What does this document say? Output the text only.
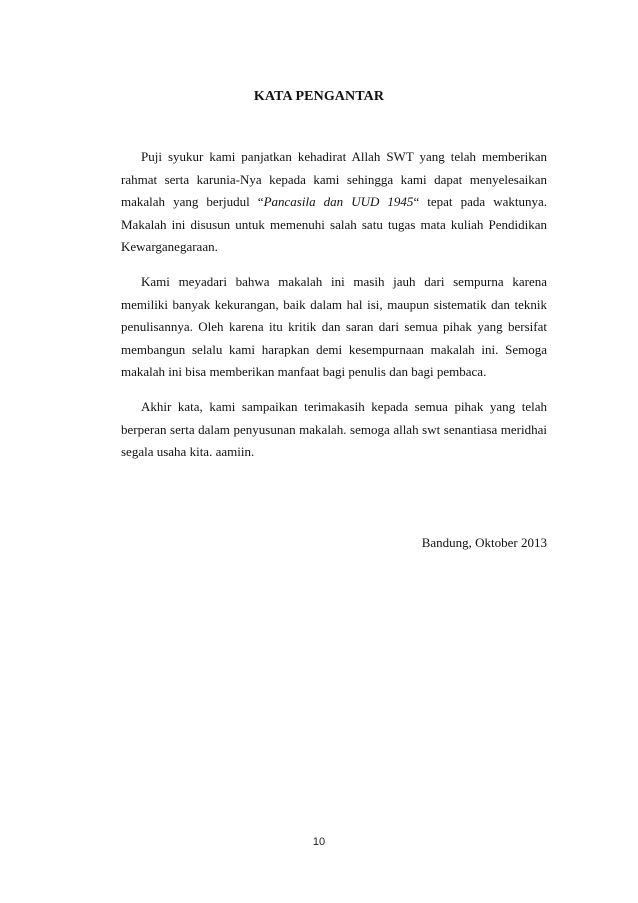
KATA PENGANTAR

Puji syukur kami panjatkan kehadirat Allah SWT yang telah memberikan rahmat serta karunia-Nya kepada kami sehingga kami dapat menyelesaikan makalah yang berjudul “Pancasila dan UUD 1945“ tepat pada waktunya. Makalah ini disusun untuk memenuhi salah satu tugas mata kuliah Pendidikan Kewarganegaraan.

Kami meyadari bahwa makalah ini masih jauh dari sempurna karena memiliki banyak kekurangan, baik dalam hal isi, maupun sistematik dan teknik penulisannya. Oleh karena itu kritik dan saran dari semua pihak yang bersifat membangun selalu kami harapkan demi kesempurnaan makalah ini. Semoga makalah ini bisa memberikan manfaat bagi penulis dan bagi pembaca.

Akhir kata, kami sampaikan terimakasih kepada semua pihak yang telah berperan serta dalam penyusunan makalah. semoga allah swt senantiasa meridhai segala usaha kita. aamiin.

Bandung, Oktober 2013
10
